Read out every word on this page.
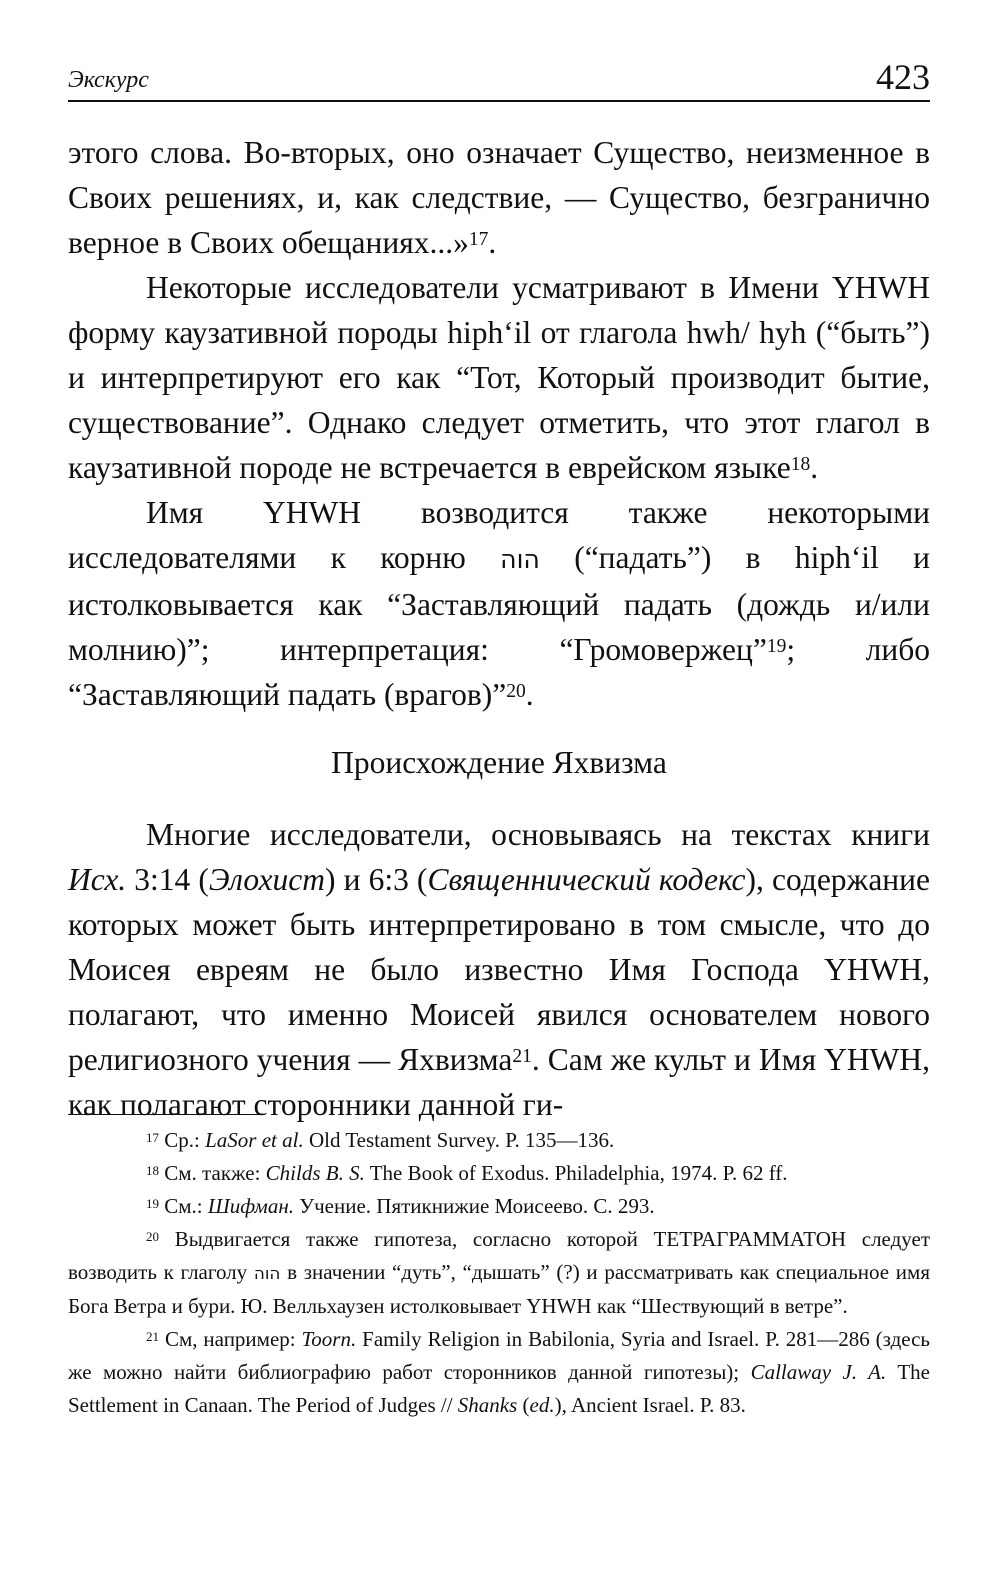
Экскурс	423

этого слова. Во-вторых, оно означает Существо, неизменное в Своих решениях, и, как следствие, — Существо, безгранично верное в Своих обещаниях...»$^{17}$.

Некоторые исследователи усматривают в Имени YHWH форму каузативной породы hiph‘il от глагола hwh/ hyh (“быть”) и интерпретируют его как “Тот, Который производит бытие, существование”. Однако следует отметить, что этот глагол в каузативной породе не встречается в еврейском языке$^{18}$.

Имя YHWH возводится также некоторыми исследователями к корню הוה (“падать”) в hiph‘il и истолковывается как “Заставляющий падать (дождь и/или молнию)”; интерпретация: “Громовержец”$^{19}$; либо “Заставляющий падать (врагов)”$^{20}$.

Происхождение Яхвизма

Многие исследователи, основываясь на текстах книги Исх. 3:14 (Элохист) и 6:3 (Священнический кодекс), содержание которых может быть интерпретировано в том смысле, что до Моисея евреям не было известно Имя Господа YHWH, полагают, что именно Моисей явился основателем нового религиозного учения — Яхвизма$^{21}$. Сам же культ и Имя YHWH, как полагают сторонники данной ги-

$^{17}$ Ср.: LaSor et al. Old Testament Survey. P. 135—136.

$^{18}$ См. также: Childs B. S. The Book of Exodus. Philadelphia, 1974. P. 62 ff.

$^{19}$ См.: Шифман. Учение. Пятикнижие Моисеево. С. 293.

$^{20}$ Выдвигается также гипотеза, согласно которой ТЕТРАГРАММАТОН следует возводить к глаголу הוה в значении “дуть”, “дышать” (?) и рассматривать как специальное имя Бога Ветра и бури. Ю. Велльхаузен истолковывает YHWH как “Шествующий в ветре”.

$^{21}$ См, например: Toorn. Family Religion in Babilonia, Syria and Israel. P. 281—286 (здесь же можно найти библиографию работ сторонников данной гипотезы); Callaway J. A. The Settlement in Canaan. The Period of Judges // Shanks (ed.), Ancient Israel. P. 83.
